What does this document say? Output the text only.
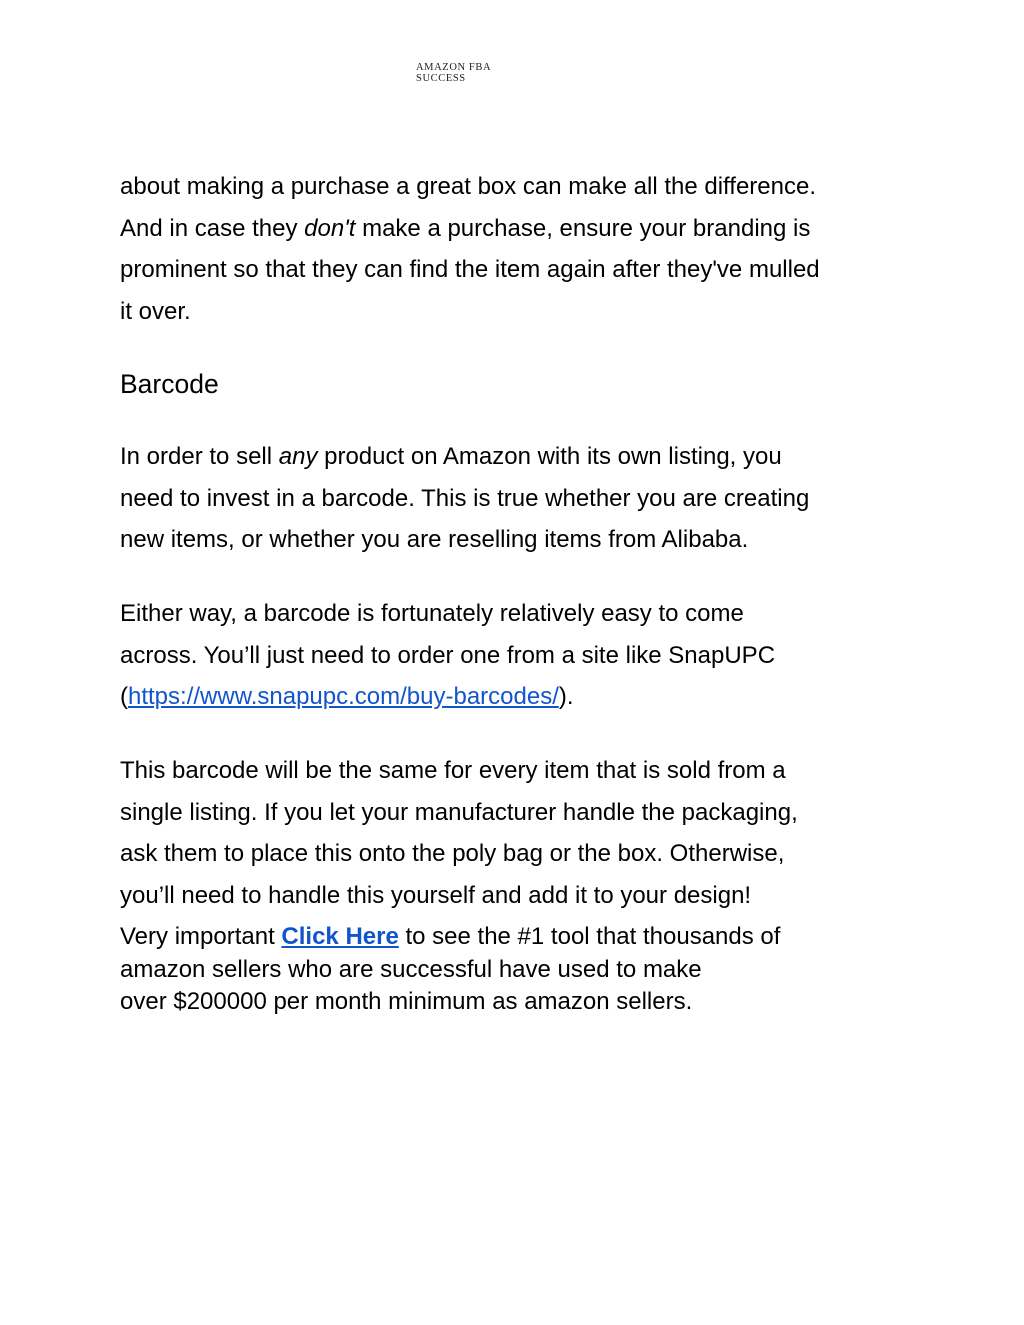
AMAZON FBA
SUCCESS

about making a purchase a great box can make all the difference.
And in case they don't make a purchase, ensure your branding is
prominent so that they can find the item again after they've mulled
it over.

Barcode

In order to sell any product on Amazon with its own listing, you
need to invest in a barcode. This is true whether you are creating
new items, or whether you are reselling items from Alibaba.

Either way, a barcode is fortunately relatively easy to come
across. You’ll just need to order one from a site like SnapUPC
(https://www.snapupc.com/buy-barcodes/).

This barcode will be the same for every item that is sold from a
single listing. If you let your manufacturer handle the packaging,
ask them to place this onto the poly bag or the box. Otherwise,
you’ll need to handle this yourself and add it to your design!

Very important Click Here to see the #1 tool that thousands of
amazon sellers who are successful have used to make
over $200000 per month minimum as amazon sellers.
